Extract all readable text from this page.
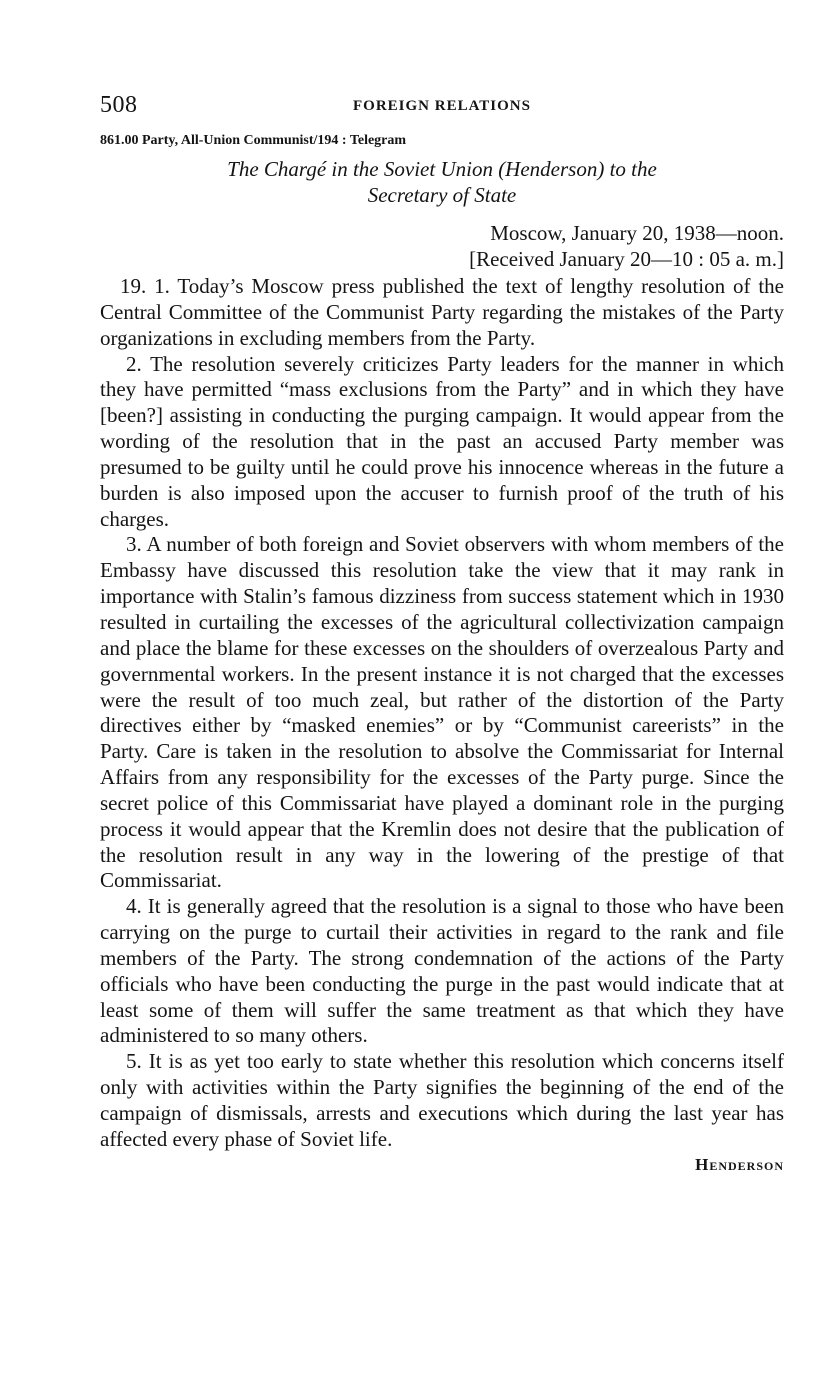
508	FOREIGN RELATIONS
861.00 Party, All-Union Communist/194 : Telegram
The Chargé in the Soviet Union (Henderson) to the
Secretary of State
Moscow, January 20, 1938—noon.
[Received January 20—10 : 05 a. m.]

19. 1. Today’s Moscow press published the text of lengthy resolution of the Central Committee of the Communist Party regarding the mistakes of the Party organizations in excluding members from the Party.

2. The resolution severely criticizes Party leaders for the manner in which they have permitted “mass exclusions from the Party” and in which they have [been?] assisting in conducting the purging campaign. It would appear from the wording of the resolution that in the past an accused Party member was presumed to be guilty until he could prove his innocence whereas in the future a burden is also imposed upon the accuser to furnish proof of the truth of his charges.

3. A number of both foreign and Soviet observers with whom members of the Embassy have discussed this resolution take the view that it may rank in importance with Stalin’s famous dizziness from success statement which in 1930 resulted in curtailing the excesses of the agricultural collectivization campaign and place the blame for these excesses on the shoulders of overzealous Party and governmental workers. In the present instance it is not charged that the excesses were the result of too much zeal, but rather of the distortion of the Party directives either by “masked enemies” or by “Communist careerists” in the Party. Care is taken in the resolution to absolve the Commissariat for Internal Affairs from any responsibility for the excesses of the Party purge. Since the secret police of this Commissariat have played a dominant role in the purging process it would appear that the Kremlin does not desire that the publication of the resolution result in any way in the lowering of the prestige of that Commissariat.

4. It is generally agreed that the resolution is a signal to those who have been carrying on the purge to curtail their activities in regard to the rank and file members of the Party. The strong condemnation of the actions of the Party officials who have been conducting the purge in the past would indicate that at least some of them will suffer the same treatment as that which they have administered to so many others.

5. It is as yet too early to state whether this resolution which concerns itself only with activities within the Party signifies the beginning of the end of the campaign of dismissals, arrests and executions which during the last year has affected every phase of Soviet life.

Henderson
